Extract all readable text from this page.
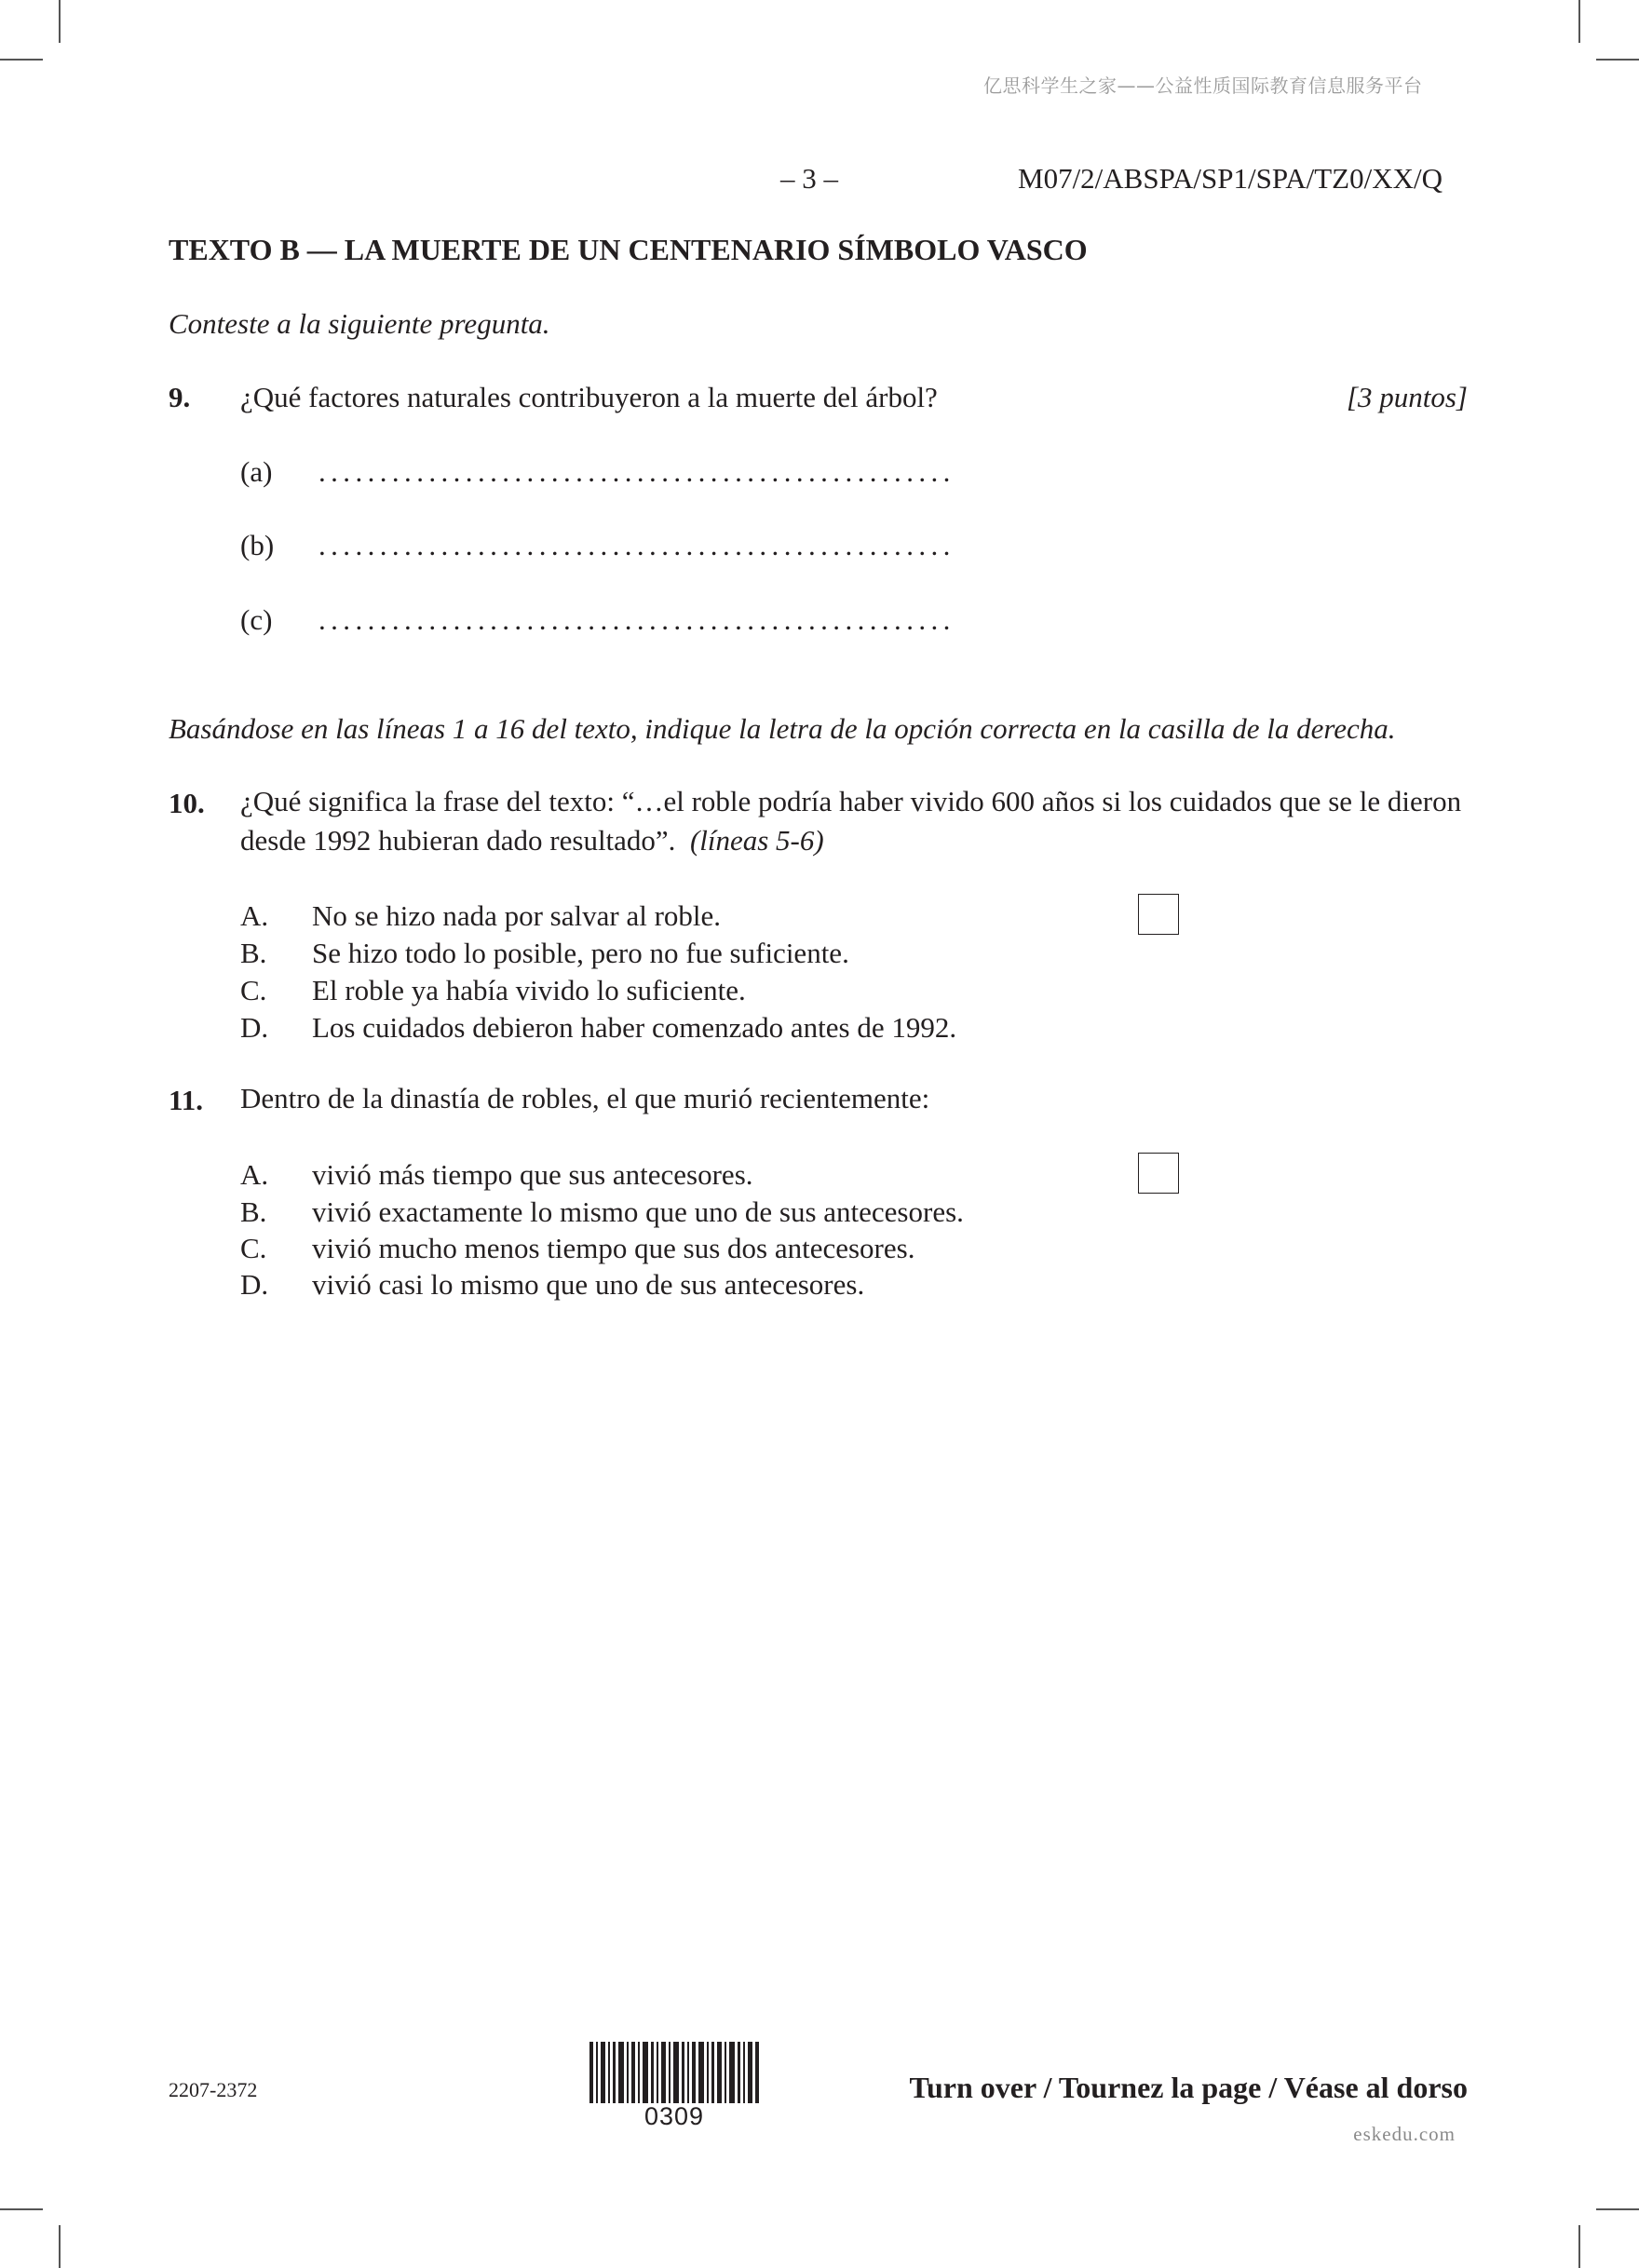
亿思科学生之家——公益性质国际教育信息服务平台
– 3 –	M07/2/ABSPA/SP1/SPA/TZ0/XX/Q
TEXTO B — LA MUERTE DE UN CENTENARIO SÍMBOLO VASCO
Conteste a la siguiente pregunta.
9. ¿Qué factores naturales contribuyeron a la muerte del árbol?	[3 puntos]
(a) ....................................................
(b) ....................................................
(c) ....................................................
Basándose en las líneas 1 a 16 del texto, indique la letra de la opción correcta en la casilla de la derecha.
10. ¿Qué significa la frase del texto: “…el roble podría haber vivido 600 años si los cuidados que se le dieron desde 1992 hubieran dado resultado”. (líneas 5-6)
A. No se hizo nada por salvar al roble.
B. Se hizo todo lo posible, pero no fue suficiente.
C. El roble ya había vivido lo suficiente.
D. Los cuidados debieron haber comenzado antes de 1992.
11. Dentro de la dinastía de robles, el que murió recientemente:
A. vivió más tiempo que sus antecesores.
B. vivió exactamente lo mismo que uno de sus antecesores.
C. vivió mucho menos tiempo que sus dos antecesores.
D. vivió casi lo mismo que uno de sus antecesores.
2207-2372
0309
Turn over / Tournez la page / Véase al dorso
eskedu.com
